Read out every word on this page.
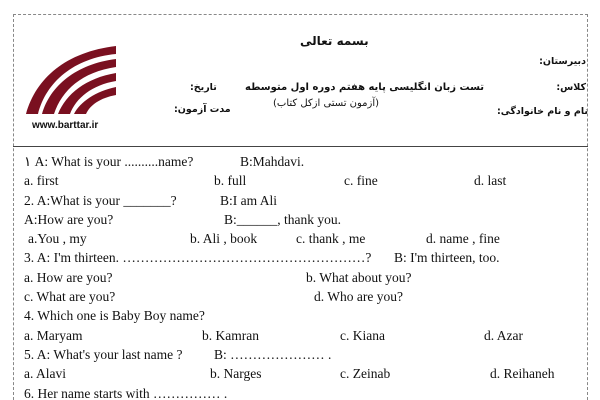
www.barttar.ir
بسمه تعالی
دبیرستان:
کلاس:
نام و نام خانوادگی:
تست زبان انگلیسی پایه هفتم دوره اول متوسطه
تاریخ:
(آزمون تستی ازکل کتاب)
مدت آزمون:
۱ A: What is your ..........name?	B:Mahdavi.
a. first	b. full	c. fine	d. last
2. A:What is your _______?	B:I am Ali
A:How are you?	B:______, thank you.
a.You , my	b. Ali , book	c. thank , me	d. name , fine
3. A: I'm thirteen. ………………………………………………? B: I'm thirteen, too.
a. How are you?	b. What about you?
c. What are you?	d. Who are you?
4. Which one is Baby Boy name?
a. Maryam	b. Kamran	c. Kiana	d. Azar
5. A: What's your last name ? B: ………………… .
a. Alavi	b. Narges	c. Zeinab	d. Reihaneh
6. Her name starts with …………… .
